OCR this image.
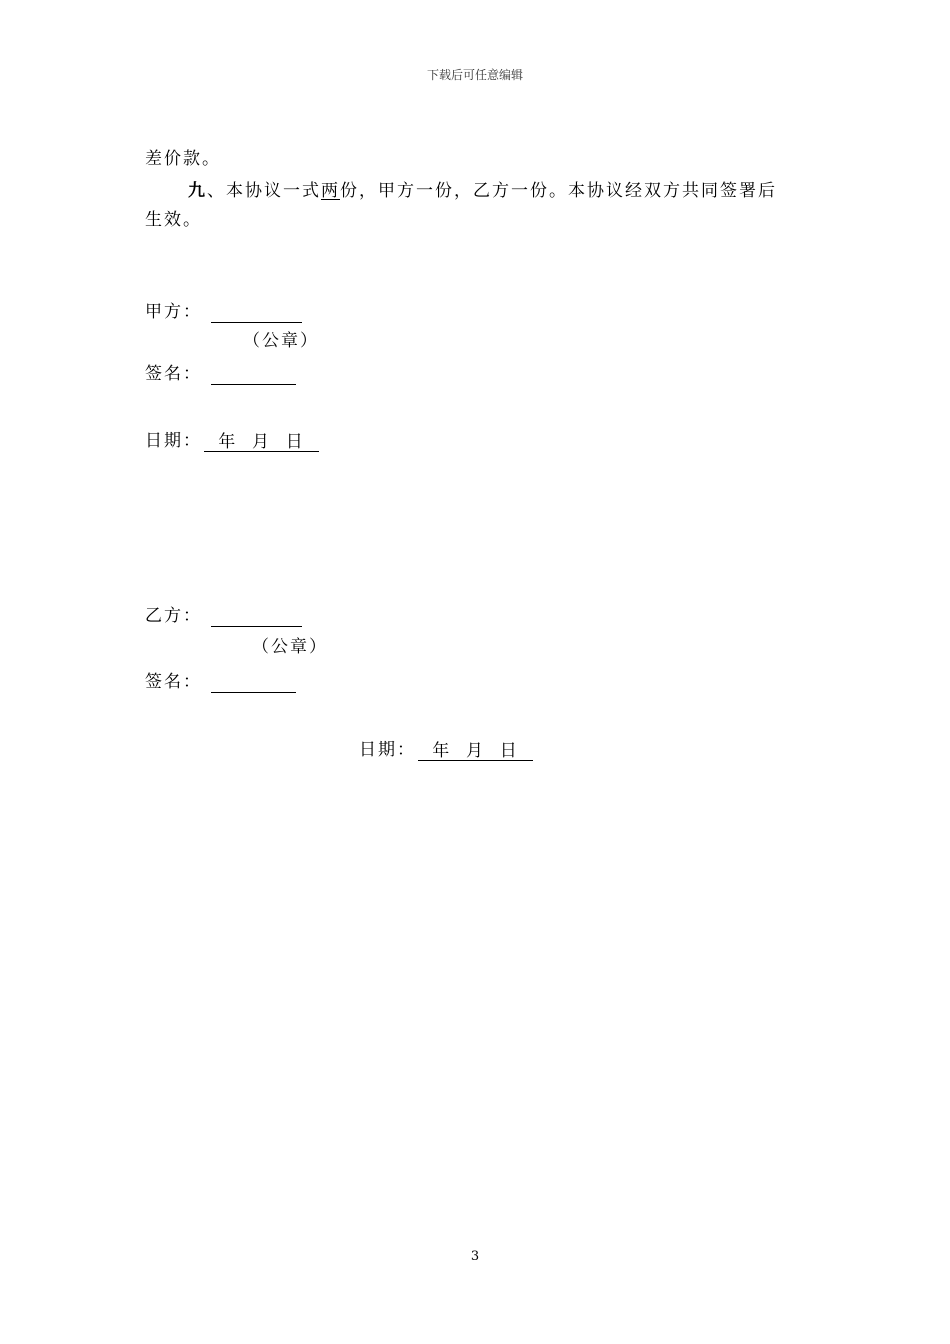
下载后可任意编辑
差价款。
九、本协议一式两份，甲方一份，乙方一份。本协议经双方共同签署后
生效。
甲方：
（公章）
签名：
日期： 年  月  日
乙方：
（公章）
签名：
日期： 年  月  日
3
